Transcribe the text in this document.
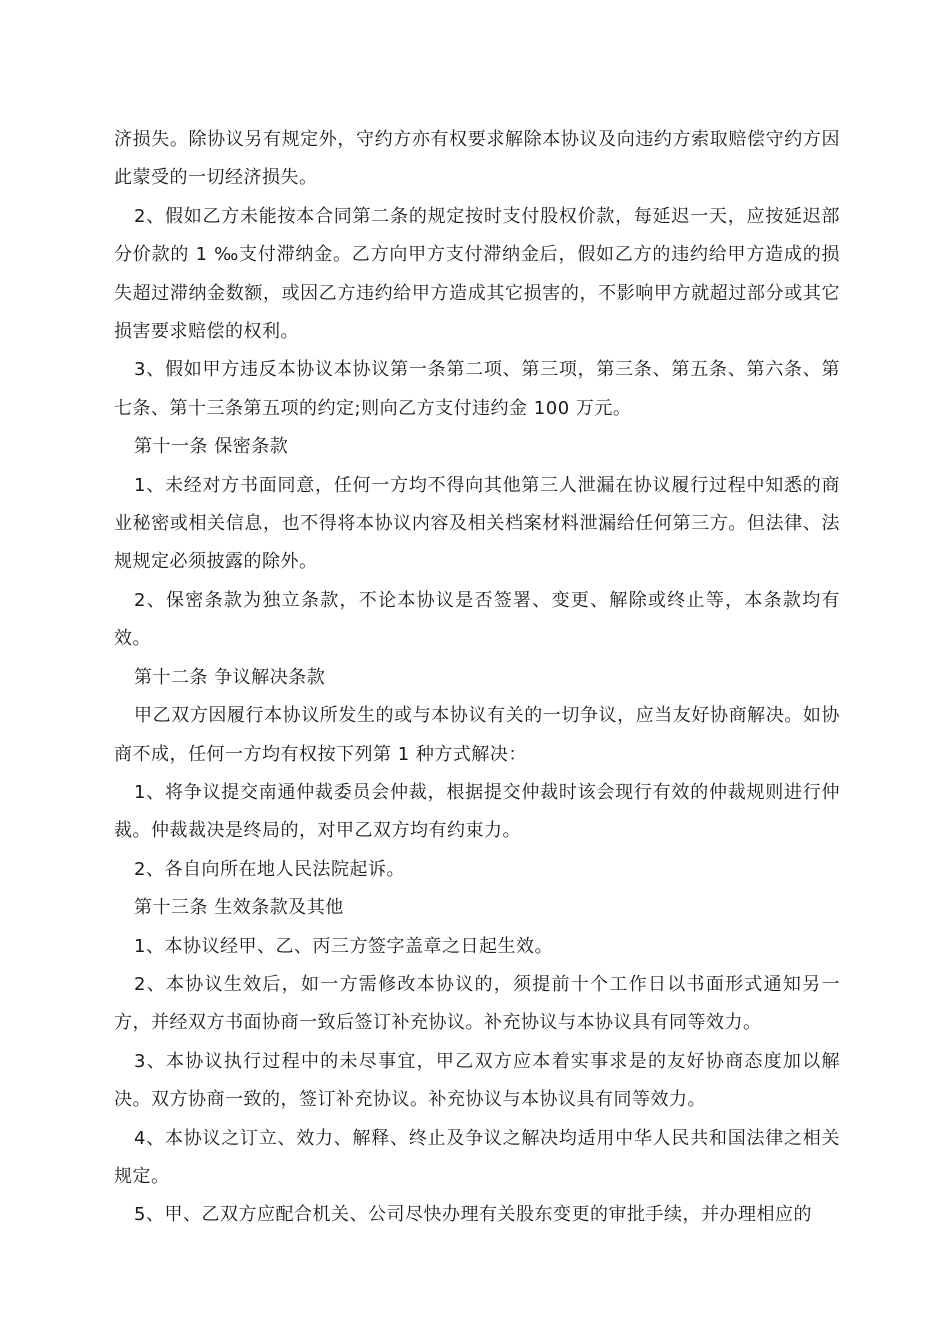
济损失。除协议另有规定外，守约方亦有权要求解除本协议及向违约方索取赔偿守约方因此蒙受的一切经济损失。

2、假如乙方未能按本合同第二条的规定按时支付股权价款，每延迟一天，应按延迟部分价款的 1 ‰支付滞纳金。乙方向甲方支付滞纳金后，假如乙方的违约给甲方造成的损失超过滞纳金数额，或因乙方违约给甲方造成其它损害的，不影响甲方就超过部分或其它损害要求赔偿的权利。

3、假如甲方违反本协议本协议第一条第二项、第三项，第三条、第五条、第六条、第七条、第十三条第五项的约定;则向乙方支付违约金 100 万元。

第十一条 保密条款

1、未经对方书面同意，任何一方均不得向其他第三人泄漏在协议履行过程中知悉的商业秘密或相关信息，也不得将本协议内容及相关档案材料泄漏给任何第三方。但法律、法规规定必须披露的除外。

2、保密条款为独立条款，不论本协议是否签署、变更、解除或终止等，本条款均有效。

第十二条 争议解决条款

甲乙双方因履行本协议所发生的或与本协议有关的一切争议，应当友好协商解决。如协商不成，任何一方均有权按下列第 1 种方式解决：

1、将争议提交南通仲裁委员会仲裁，根据提交仲裁时该会现行有效的仲裁规则进行仲裁。仲裁裁决是终局的，对甲乙双方均有约束力。

2、各自向所在地人民法院起诉。

第十三条 生效条款及其他

1、本协议经甲、乙、丙三方签字盖章之日起生效。

2、本协议生效后，如一方需修改本协议的，须提前十个工作日以书面形式通知另一方，并经双方书面协商一致后签订补充协议。补充协议与本协议具有同等效力。

3、本协议执行过程中的未尽事宜，甲乙双方应本着实事求是的友好协商态度加以解决。双方协商一致的，签订补充协议。补充协议与本协议具有同等效力。

4、本协议之订立、效力、解释、终止及争议之解决均适用中华人民共和国法律之相关规定。

5、甲、乙双方应配合机关、公司尽快办理有关股东变更的审批手续，并办理相应的
